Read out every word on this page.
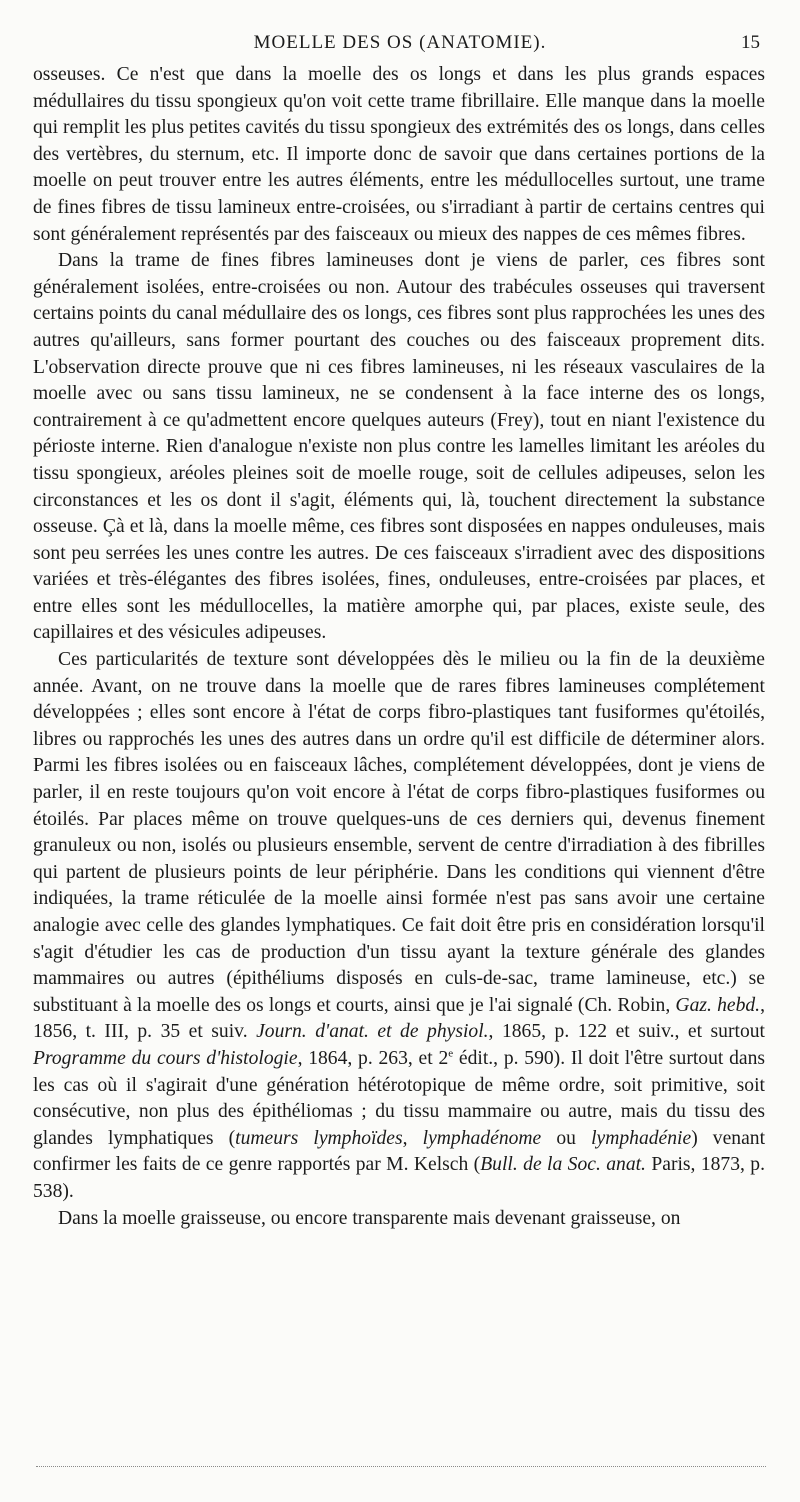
MOELLE DES OS (ANATOMIE).	15

osseuses. Ce n'est que dans la moelle des os longs et dans les plus grands espaces médullaires du tissu spongieux qu'on voit cette trame fibrillaire. Elle manque dans la moelle qui remplit les plus petites cavités du tissu spongieux des extrémités des os longs, dans celles des vertèbres, du sternum, etc. Il importe donc de savoir que dans certaines portions de la moelle on peut trouver entre les autres éléments, entre les médullocelles surtout, une trame de fines fibres de tissu lamineux entre-croisées, ou s'irradiant à partir de certains centres qui sont généralement représentés par des faisceaux ou mieux des nappes de ces mêmes fibres.

Dans la trame de fines fibres lamineuses dont je viens de parler, ces fibres sont généralement isolées, entre-croisées ou non. Autour des trabécules osseuses qui traversent certains points du canal médullaire des os longs, ces fibres sont plus rapprochées les unes des autres qu'ailleurs, sans former pourtant des couches ou des faisceaux proprement dits. L'observation directe prouve que ni ces fibres lamineuses, ni les réseaux vasculaires de la moelle avec ou sans tissu lamineux, ne se condensent à la face interne des os longs, contrairement à ce qu'admettent encore quelques auteurs (Frey), tout en niant l'existence du périoste interne. Rien d'analogue n'existe non plus contre les lamelles limitant les aréoles du tissu spongieux, aréoles pleines soit de moelle rouge, soit de cellules adipeuses, selon les circonstances et les os dont il s'agit, éléments qui, là, touchent directement la substance osseuse. Çà et là, dans la moelle même, ces fibres sont disposées en nappes onduleuses, mais sont peu serrées les unes contre les autres. De ces faisceaux s'irradient avec des dispositions variées et très-élégantes des fibres isolées, fines, onduleuses, entre-croisées par places, et entre elles sont les médullocelles, la matière amorphe qui, par places, existe seule, des capillaires et des vésicules adipeuses.

Ces particularités de texture sont développées dès le milieu ou la fin de la deuxième année. Avant, on ne trouve dans la moelle que de rares fibres lamineuses complétement développées ; elles sont encore à l'état de corps fibro-plastiques tant fusiformes qu'étoilés, libres ou rapprochés les unes des autres dans un ordre qu'il est difficile de déterminer alors. Parmi les fibres isolées ou en faisceaux lâches, complétement développées, dont je viens de parler, il en reste toujours qu'on voit encore à l'état de corps fibro-plastiques fusiformes ou étoilés. Par places même on trouve quelques-uns de ces derniers qui, devenus finement granuleux ou non, isolés ou plusieurs ensemble, servent de centre d'irradiation à des fibrilles qui partent de plusieurs points de leur périphérie. Dans les conditions qui viennent d'être indiquées, la trame réticulée de la moelle ainsi formée n'est pas sans avoir une certaine analogie avec celle des glandes lymphatiques. Ce fait doit être pris en considération lorsqu'il s'agit d'étudier les cas de production d'un tissu ayant la texture générale des glandes mammaires ou autres (épithéliums disposés en culs-de-sac, trame lamineuse, etc.) se substituant à la moelle des os longs et courts, ainsi que je l'ai signalé (Ch. Robin, Gaz. hebd., 1856, t. III, p. 35 et suiv. Journ. d'anat. et de physiol., 1865, p. 122 et suiv., et surtout Programme du cours d'histologie, 1864, p. 263, et 2e édit., p. 590). Il doit l'être surtout dans les cas où il s'agirait d'une génération hétérotopique de même ordre, soit primitive, soit consécutive, non plus des épithéliomas ; du tissu mammaire ou autre, mais du tissu des glandes lymphatiques (tumeurs lymphoïdes, lymphadénome ou lymphadénie) venant confirmer les faits de ce genre rapportés par M. Kelsch (Bull. de la Soc. anat. Paris, 1873, p. 538).

Dans la moelle graisseuse, ou encore transparente mais devenant graisseuse, on
